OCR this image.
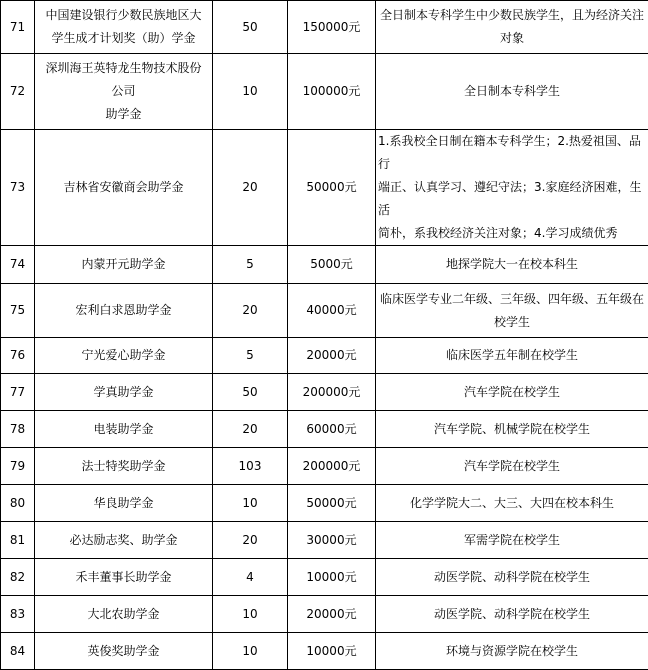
71	中国建设银行少数民族地区大
学生成才计划奖（助）学金	50	150000元	全日制本专科学生中少数民族学生，且为经济关注
对象
72	深圳海王英特龙生物技术股份
公司
助学金	10	100000元	全日制本专科学生
73	吉林省安徽商会助学金	20	50000元	1.系我校全日制在籍本专科学生；2.热爱祖国、品行
端正、认真学习、遵纪守法；3.家庭经济困难，生活
简朴，系我校经济关注对象；4.学习成绩优秀
74	内蒙开元助学金	5	5000元	地探学院大一在校本科生
75	宏利白求恩助学金	20	40000元	临床医学专业二年级、三年级、四年级、五年级在
校学生
76	宁光爱心助学金	5	20000元	临床医学五年制在校学生
77	学真助学金	50	200000元	汽车学院在校学生
78	电装助学金	20	60000元	汽车学院、机械学院在校学生
79	法士特奖助学金	103	200000元	汽车学院在校学生
80	华良助学金	10	50000元	化学学院大二、大三、大四在校本科生
81	必达励志奖、助学金	20	30000元	军需学院在校学生
82	禾丰董事长助学金	4	10000元	动医学院、动科学院在校学生
83	大北农助学金	10	20000元	动医学院、动科学院在校学生
84	英俊奖助学金	10	10000元	环境与资源学院在校学生
